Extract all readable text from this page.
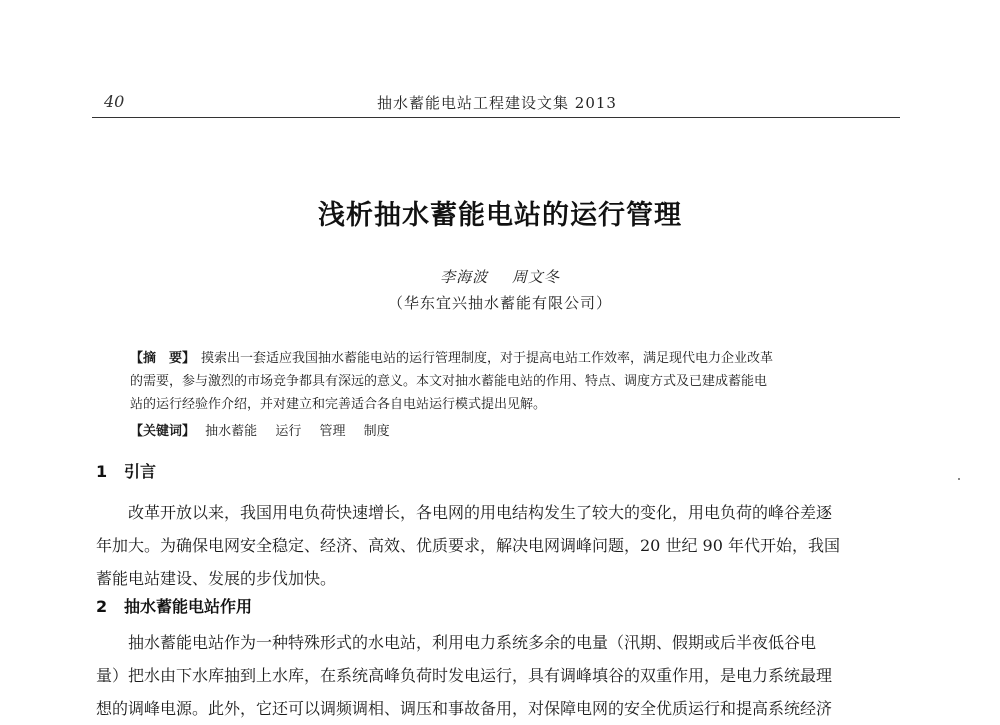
40	抽水蓄能电站工程建设文集 2013
浅析抽水蓄能电站的运行管理
李海波 周文冬
（华东宜兴抽水蓄能有限公司）
【摘　要】 摸索出一套适应我国抽水蓄能电站的运行管理制度，对于提高电站工作效率，满足现代电力企业改革
的需要，参与激烈的市场竞争都具有深远的意义。本文对抽水蓄能电站的作用、特点、调度方式及已建成蓄能电
站的运行经验作介绍，并对建立和完善适合各自电站运行模式提出见解。
【关键词】 抽水蓄能 运行 管理 制度
1 引言
改革开放以来，我国用电负荷快速增长，各电网的用电结构发生了较大的变化，用电负荷的峰谷差逐
年加大。为确保电网安全稳定、经济、高效、优质要求，解决电网调峰问题，20 世纪 90 年代开始，我国
蓄能电站建设、发展的步伐加快。
2 抽水蓄能电站作用
抽水蓄能电站作为一种特殊形式的水电站，利用电力系统多余的电量（汛期、假期或后半夜低谷电
量）把水由下水库抽到上水库，在系统高峰负荷时发电运行，具有调峰填谷的双重作用，是电力系统最理
想的调峰电源。此外，它还可以调频调相、调压和事故备用，对保障电网的安全优质运行和提高系统经济
